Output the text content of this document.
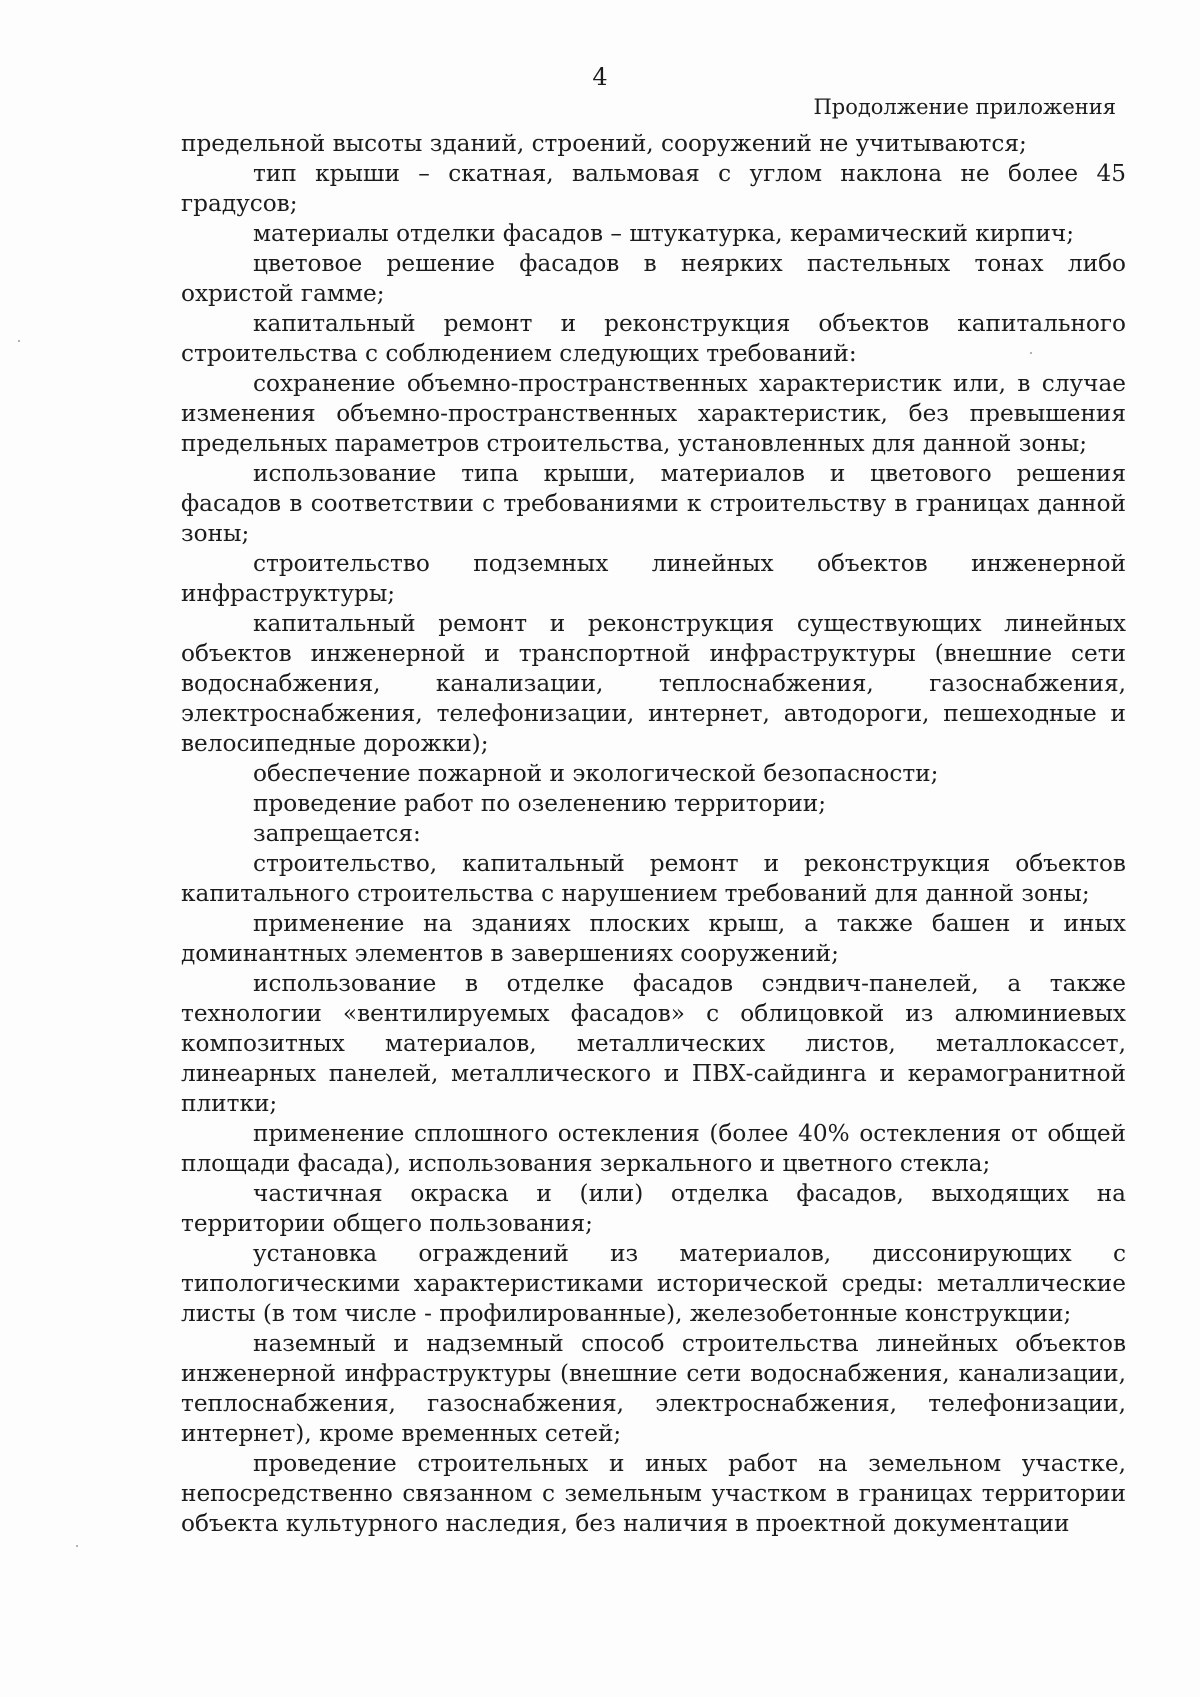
4
Продолжение приложения

предельной высоты зданий, строений, сооружений не учитываются;

тип крыши – скатная, вальмовая с углом наклона не более 45 градусов;

материалы отделки фасадов – штукатурка, керамический кирпич;

цветовое решение фасадов в неярких пастельных тонах либо охристой гамме;

капитальный ремонт и реконструкция объектов капитального строительства с соблюдением следующих требований:

сохранение объемно-пространственных характеристик или, в случае изменения объемно-пространственных характеристик, без превышения предельных параметров строительства, установленных для данной зоны;

использование типа крыши, материалов и цветового решения фасадов в соответствии с требованиями к строительству в границах данной зоны;

строительство подземных линейных объектов инженерной инфраструктуры;

капитальный ремонт и реконструкция существующих линейных объектов инженерной и транспортной инфраструктуры (внешние сети водоснабжения, канализации, теплоснабжения, газоснабжения, электроснабжения, телефонизации, интернет, автодороги, пешеходные и велосипедные дорожки);

обеспечение пожарной и экологической безопасности;

проведение работ по озеленению территории;

запрещается:

строительство, капитальный ремонт и реконструкция объектов капитального строительства с нарушением требований для данной зоны;

применение на зданиях плоских крыш, а также башен и иных доминантных элементов в завершениях сооружений;

использование в отделке фасадов сэндвич-панелей, а также технологии «вентилируемых фасадов» с облицовкой из алюминиевых композитных материалов, металлических листов, металлокассет, линеарных панелей, металлического и ПВХ-сайдинга и керамогранитной плитки;

применение сплошного остекления (более 40% остекления от общей площади фасада), использования зеркального и цветного стекла;

частичная окраска и (или) отделка фасадов, выходящих на территории общего пользования;

установка ограждений из материалов, диссонирующих с типологическими характеристиками исторической среды: металлические листы (в том числе - профилированные), железобетонные конструкции;

наземный и надземный способ строительства линейных объектов инженерной инфраструктуры (внешние сети водоснабжения, канализации, теплоснабжения, газоснабжения, электроснабжения, телефонизации, интернет), кроме временных сетей;

проведение строительных и иных работ на земельном участке, непосредственно связанном с земельным участком в границах территории объекта культурного наследия, без наличия в проектной документации
